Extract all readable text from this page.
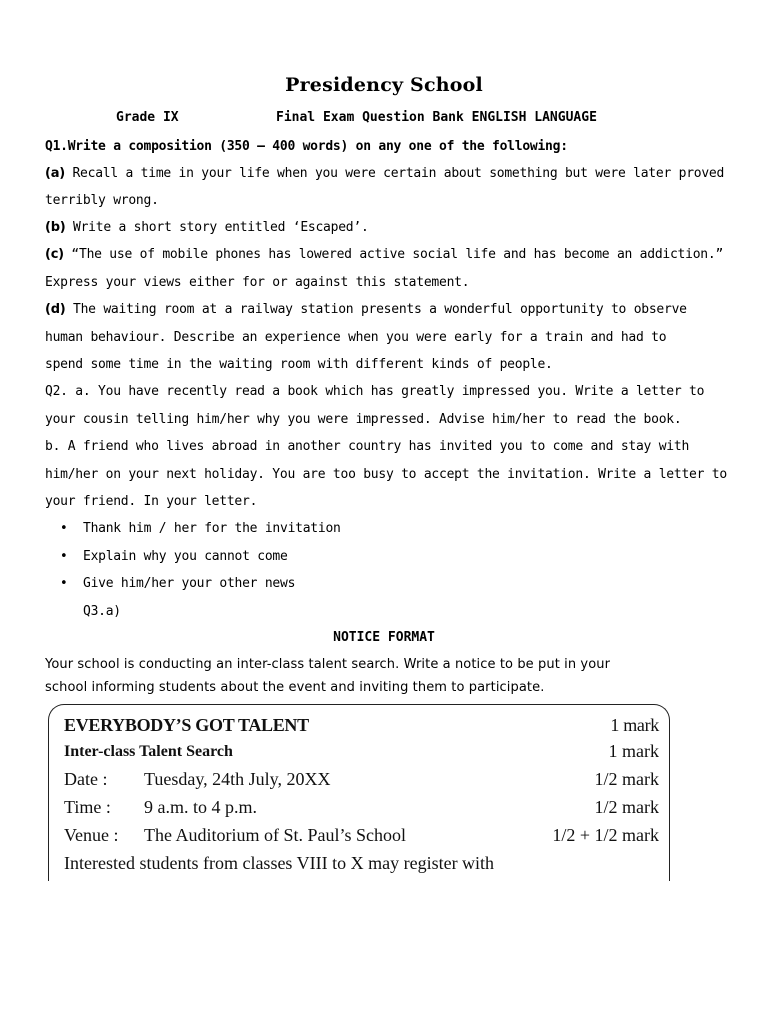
Presidency School
Grade IX	Final Exam Question Bank ENGLISH LANGUAGE
Q1.Write a composition (350 – 400 words) on any one of the following:
(a) Recall a time in your life when you were certain about something but were later proved
terribly wrong.
(b) Write a short story entitled ‘Escaped’.
(c) “The use of mobile phones has lowered active social life and has become an addiction.”
Express your views either for or against this statement.
(d) The waiting room at a railway station presents a wonderful opportunity to observe
human behaviour. Describe an experience when you were early for a train and had to
spend some time in the waiting room with different kinds of people.
Q2. a. You have recently read a book which has greatly impressed you. Write a letter to
your cousin telling him/her why you were impressed. Advise him/her to read the book.
b. A friend who lives abroad in another country has invited you to come and stay with
him/her on your next holiday. You are too busy to accept the invitation. Write a letter to
your friend. In your letter.
• Thank him / her for the invitation
• Explain why you cannot come
• Give him/her your other news
Q3.a)
NOTICE FORMAT
Your school is conducting an inter-class talent search. Write a notice to be put in your
school informing students about the event and inviting them to participate.
EVERYBODY’S GOT TALENT	1 mark
Inter-class Talent Search	1 mark
Date : Tuesday, 24th July, 20XX	1/2 mark
Time : 9 a.m. to 4 p.m.	1/2 mark
Venue : The Auditorium of St. Paul’s School	1/2 + 1/2 mark
Interested students from classes VIII to X may register with
